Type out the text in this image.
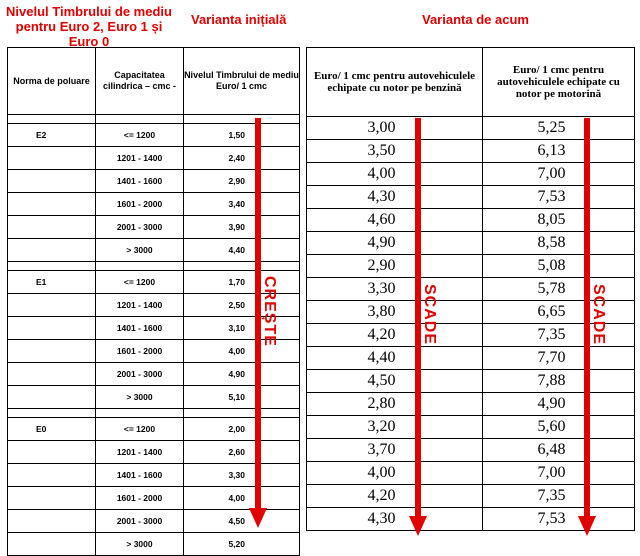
Nivelul Timbrului de mediu
pentru Euro 2, Euro 1 și Euro 0
Varianta inițială	Varianta de acum
Norma de poluare	Capacitatea cilindrica – cmc -	Nivelul Timbrului de mediu Euro/ 1 cmc

E2	<= 1200	1,50
	1201 - 1400	2,40
	1401 - 1600	2,90
	1601 - 2000	3,40
	2001 - 3000	3,90
	> 3000	4,40

E1	<= 1200	1,70
	1201 - 1400	2,50
	1401 - 1600	3,10
	1601 - 2000	4,00
	2001 - 3000	4,90
	> 3000	5,10

E0	<= 1200	2,00
	1201 - 1400	2,60
	1401 - 1600	3,30
	1601 - 2000	4,00
	2001 - 3000	4,50
	> 3000	5,20
Euro/ 1 cmc pentru autovehiculele echipate cu notor pe benzină	Euro/ 1 cmc pentru autovehiculele echipate cu notor pe motorină
3,00	5,25
3,50	6,13
4,00	7,00
4,30	7,53
4,60	8,05
4,90	8,58
2,90	5,08
3,30	5,78
3,80	6,65
4,20	7,35
4,40	7,70
4,50	7,88
2,80	4,90
3,20	5,60
3,70	6,48
4,00	7,00
4,20	7,35
4,30	7,53
CREȘTE	SCADE	SCADE
